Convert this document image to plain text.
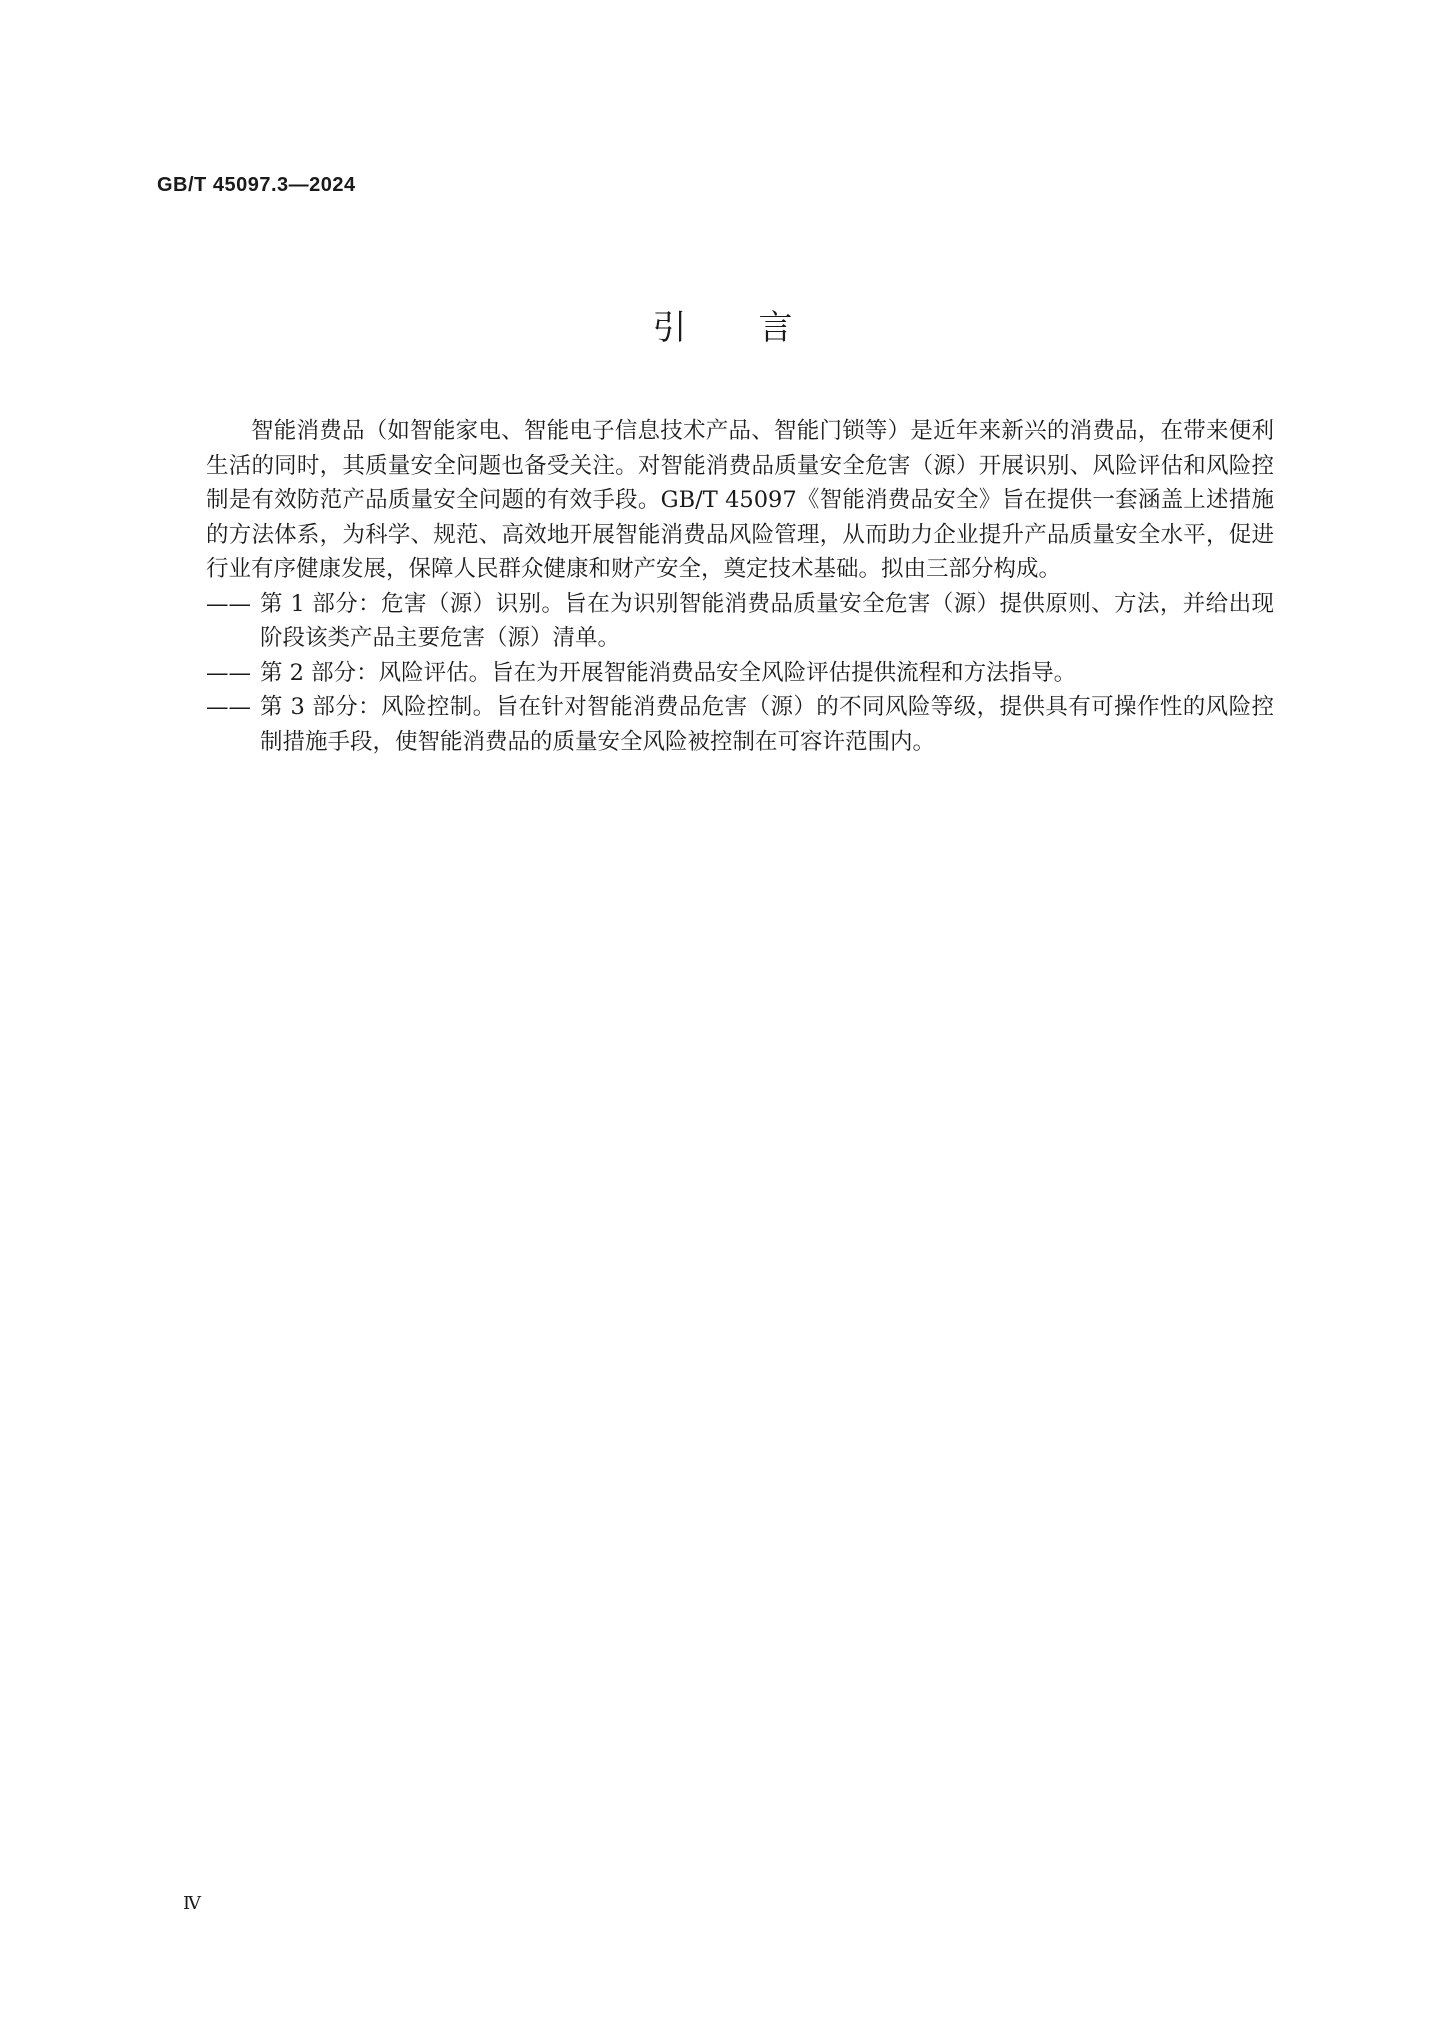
GB/T 45097.3—2024
引言

智能消费品（如智能家电、智能电子信息技术产品、智能门锁等）是近年来新兴的消费品，在带来便利生活的同时，其质量安全问题也备受关注。对智能消费品质量安全危害（源）开展识别、风险评估和风险控制是有效防范产品质量安全问题的有效手段。GB/T 45097《智能消费品安全》旨在提供一套涵盖上述措施的方法体系，为科学、规范、高效地开展智能消费品风险管理，从而助力企业提升产品质量安全水平，促进行业有序健康发展，保障人民群众健康和财产安全，奠定技术基础。拟由三部分构成。

—— 第 1 部分：危害（源）识别。旨在为识别智能消费品质量安全危害（源）提供原则、方法，并给出现阶段该类产品主要危害（源）清单。
—— 第 2 部分：风险评估。旨在为开展智能消费品安全风险评估提供流程和方法指导。
—— 第 3 部分：风险控制。旨在针对智能消费品危害（源）的不同风险等级，提供具有可操作性的风险控制措施手段，使智能消费品的质量安全风险被控制在可容许范围内。
Ⅳ
